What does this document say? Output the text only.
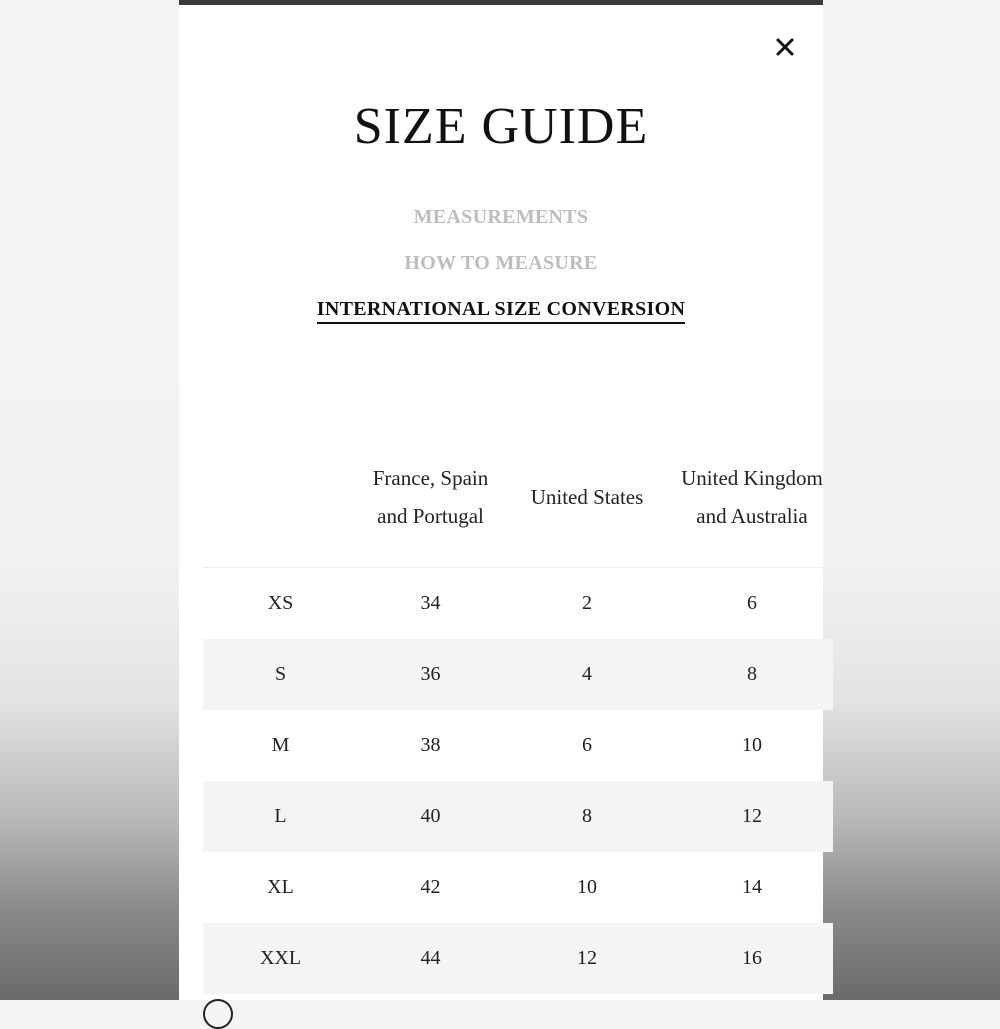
SIZE GUIDE
MEASUREMENTS
HOW TO MEASURE
INTERNATIONAL SIZE CONVERSION
	France, Spain and Portugal	United States	United Kingdom and Australia
XS	34	2	6
S	36	4	8
M	38	6	10
L	40	8	12
XL	42	10	14
XXL	44	12	16
